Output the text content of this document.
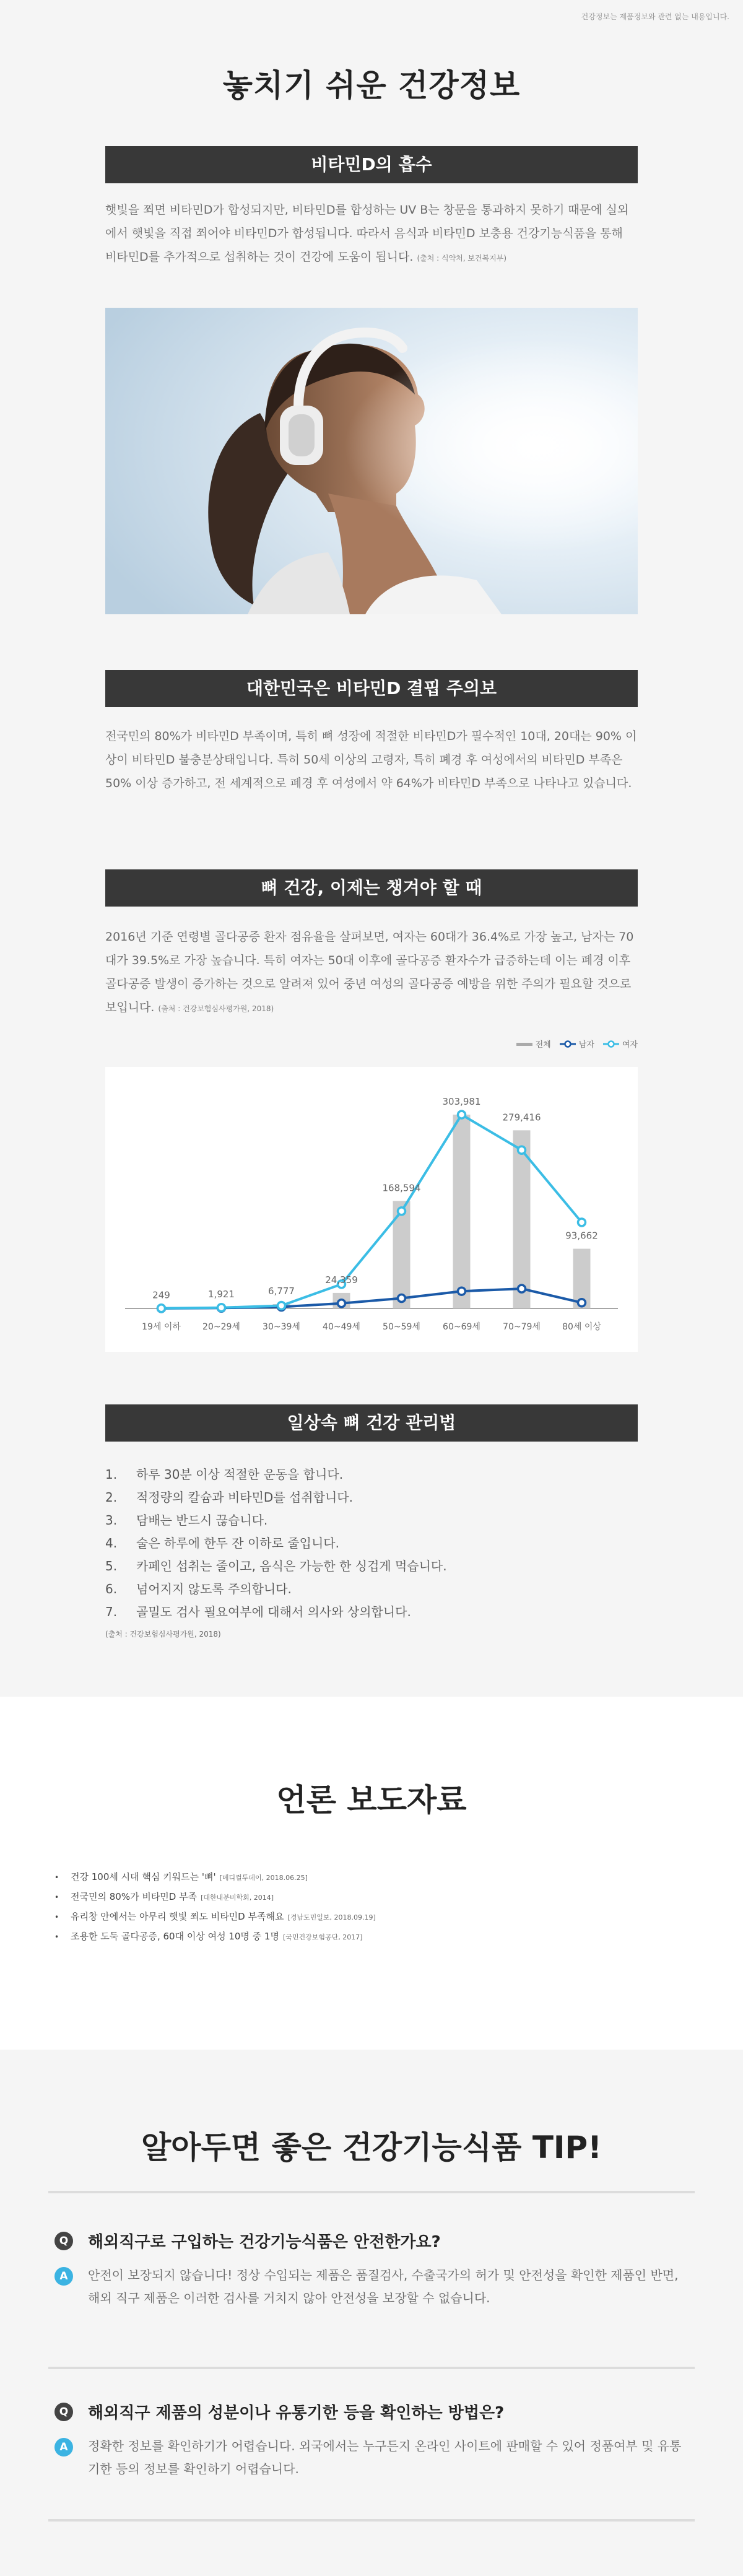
건강정보는 제품정보와 관련 없는 내용입니다.
놓치기 쉬운 건강정보
비타민D의 흡수

햇빛을 쬐면 비타민D가 합성되지만, 비타민D를 합성하는 UV B는 창문을 통과하지 못하기 때문에 실외에서 햇빛을 직접 쬐어야 비타민D가 합성됩니다. 따라서 음식과 비타민D 보충용 건강기능식품을 통해 비타민D를 추가적으로 섭취하는 것이 건강에 도움이 됩니다. (출처 : 식약처, 보건복지부)

대한민국은 비타민D 결핍 주의보

전국민의 80%가 비타민D 부족이며, 특히 뼈 성장에 적절한 비타민D가 필수적인 10대, 20대는 90% 이상이 비타민D 불충분상태입니다. 특히 50세 이상의 고령자, 특히 폐경 후 여성에서의 비타민D 부족은 50% 이상 증가하고, 전 세계적으로 폐경 후 여성에서 약 64%가 비타민D 부족으로 나타나고 있습니다.

뼈 건강, 이제는 챙겨야 할 때

2016년 기준 연령별 골다공증 환자 점유율을 살펴보면, 여자는 60대가 36.4%로 가장 높고, 남자는 70대가 39.5%로 가장 높습니다. 특히 여자는 50대 이후에 골다공증 환자수가 급증하는데 이는 폐경 이후 골다공증 발생이 증가하는 것으로 알려져 있어 중년 여성의 골다공증 예방을 위한 주의가 필요할 것으로 보입니다. (출처 : 건강보험심사평가원, 2018)

전체	남자	여자
249	1,921	6,777
24,359
168,594
303,981
279,416
93,662
19세 이하	20~29세	30~39세	40~49세	50~59세	60~69세	70~79세	80세 이상
일상속 뼈 건강 관리법
1.	하루 30분 이상 적절한 운동을 합니다.
2.	적정량의 칼슘과 비타민D를 섭취합니다.
3.	담배는 반드시 끊습니다.
4.	술은 하루에 한두 잔 이하로 줄입니다.
5.	카페인 섭취는 줄이고, 음식은 가능한 한 싱겁게 먹습니다.
6.	넘어지지 않도록 주의합니다.
7.	골밀도 검사 필요여부에 대해서 의사와 상의합니다.
(출처 : 건강보험심사평가원, 2018)
언론 보도자료
•	건강 100세 시대 핵심 키워드는 '뼈' [메디컬투데이, 2018.06.25]
•	전국민의 80%가 비타민D 부족 [대한내분비학회, 2014]
•	유리창 안에서는 아무리 햇빛 쬐도 비타민D 부족해요 [경남도민일보, 2018.09.19]
•	조용한 도둑 골다공증, 60대 이상 여성 10명 중 1명 [국민건강보험공단, 2017]
알아두면 좋은 건강기능식품 TIP!
Q 해외직구로 구입하는 건강기능식품은 안전한가요?
A	안전이 보장되지 않습니다! 정상 수입되는 제품은 품질검사, 수출국가의 허가 및 안전성을 확인한 제품인 반면, 해외 직구 제품은 이러한 검사를 거치지 않아 안전성을 보장할 수 없습니다.

Q 해외직구 제품의 성분이나 유통기한 등을 확인하는 방법은?
A	정확한 정보를 확인하기가 어렵습니다. 외국에서는 누구든지 온라인 사이트에 판매할 수 있어 정품여부 및 유통기한 등의 정보를 확인하기 어렵습니다.
